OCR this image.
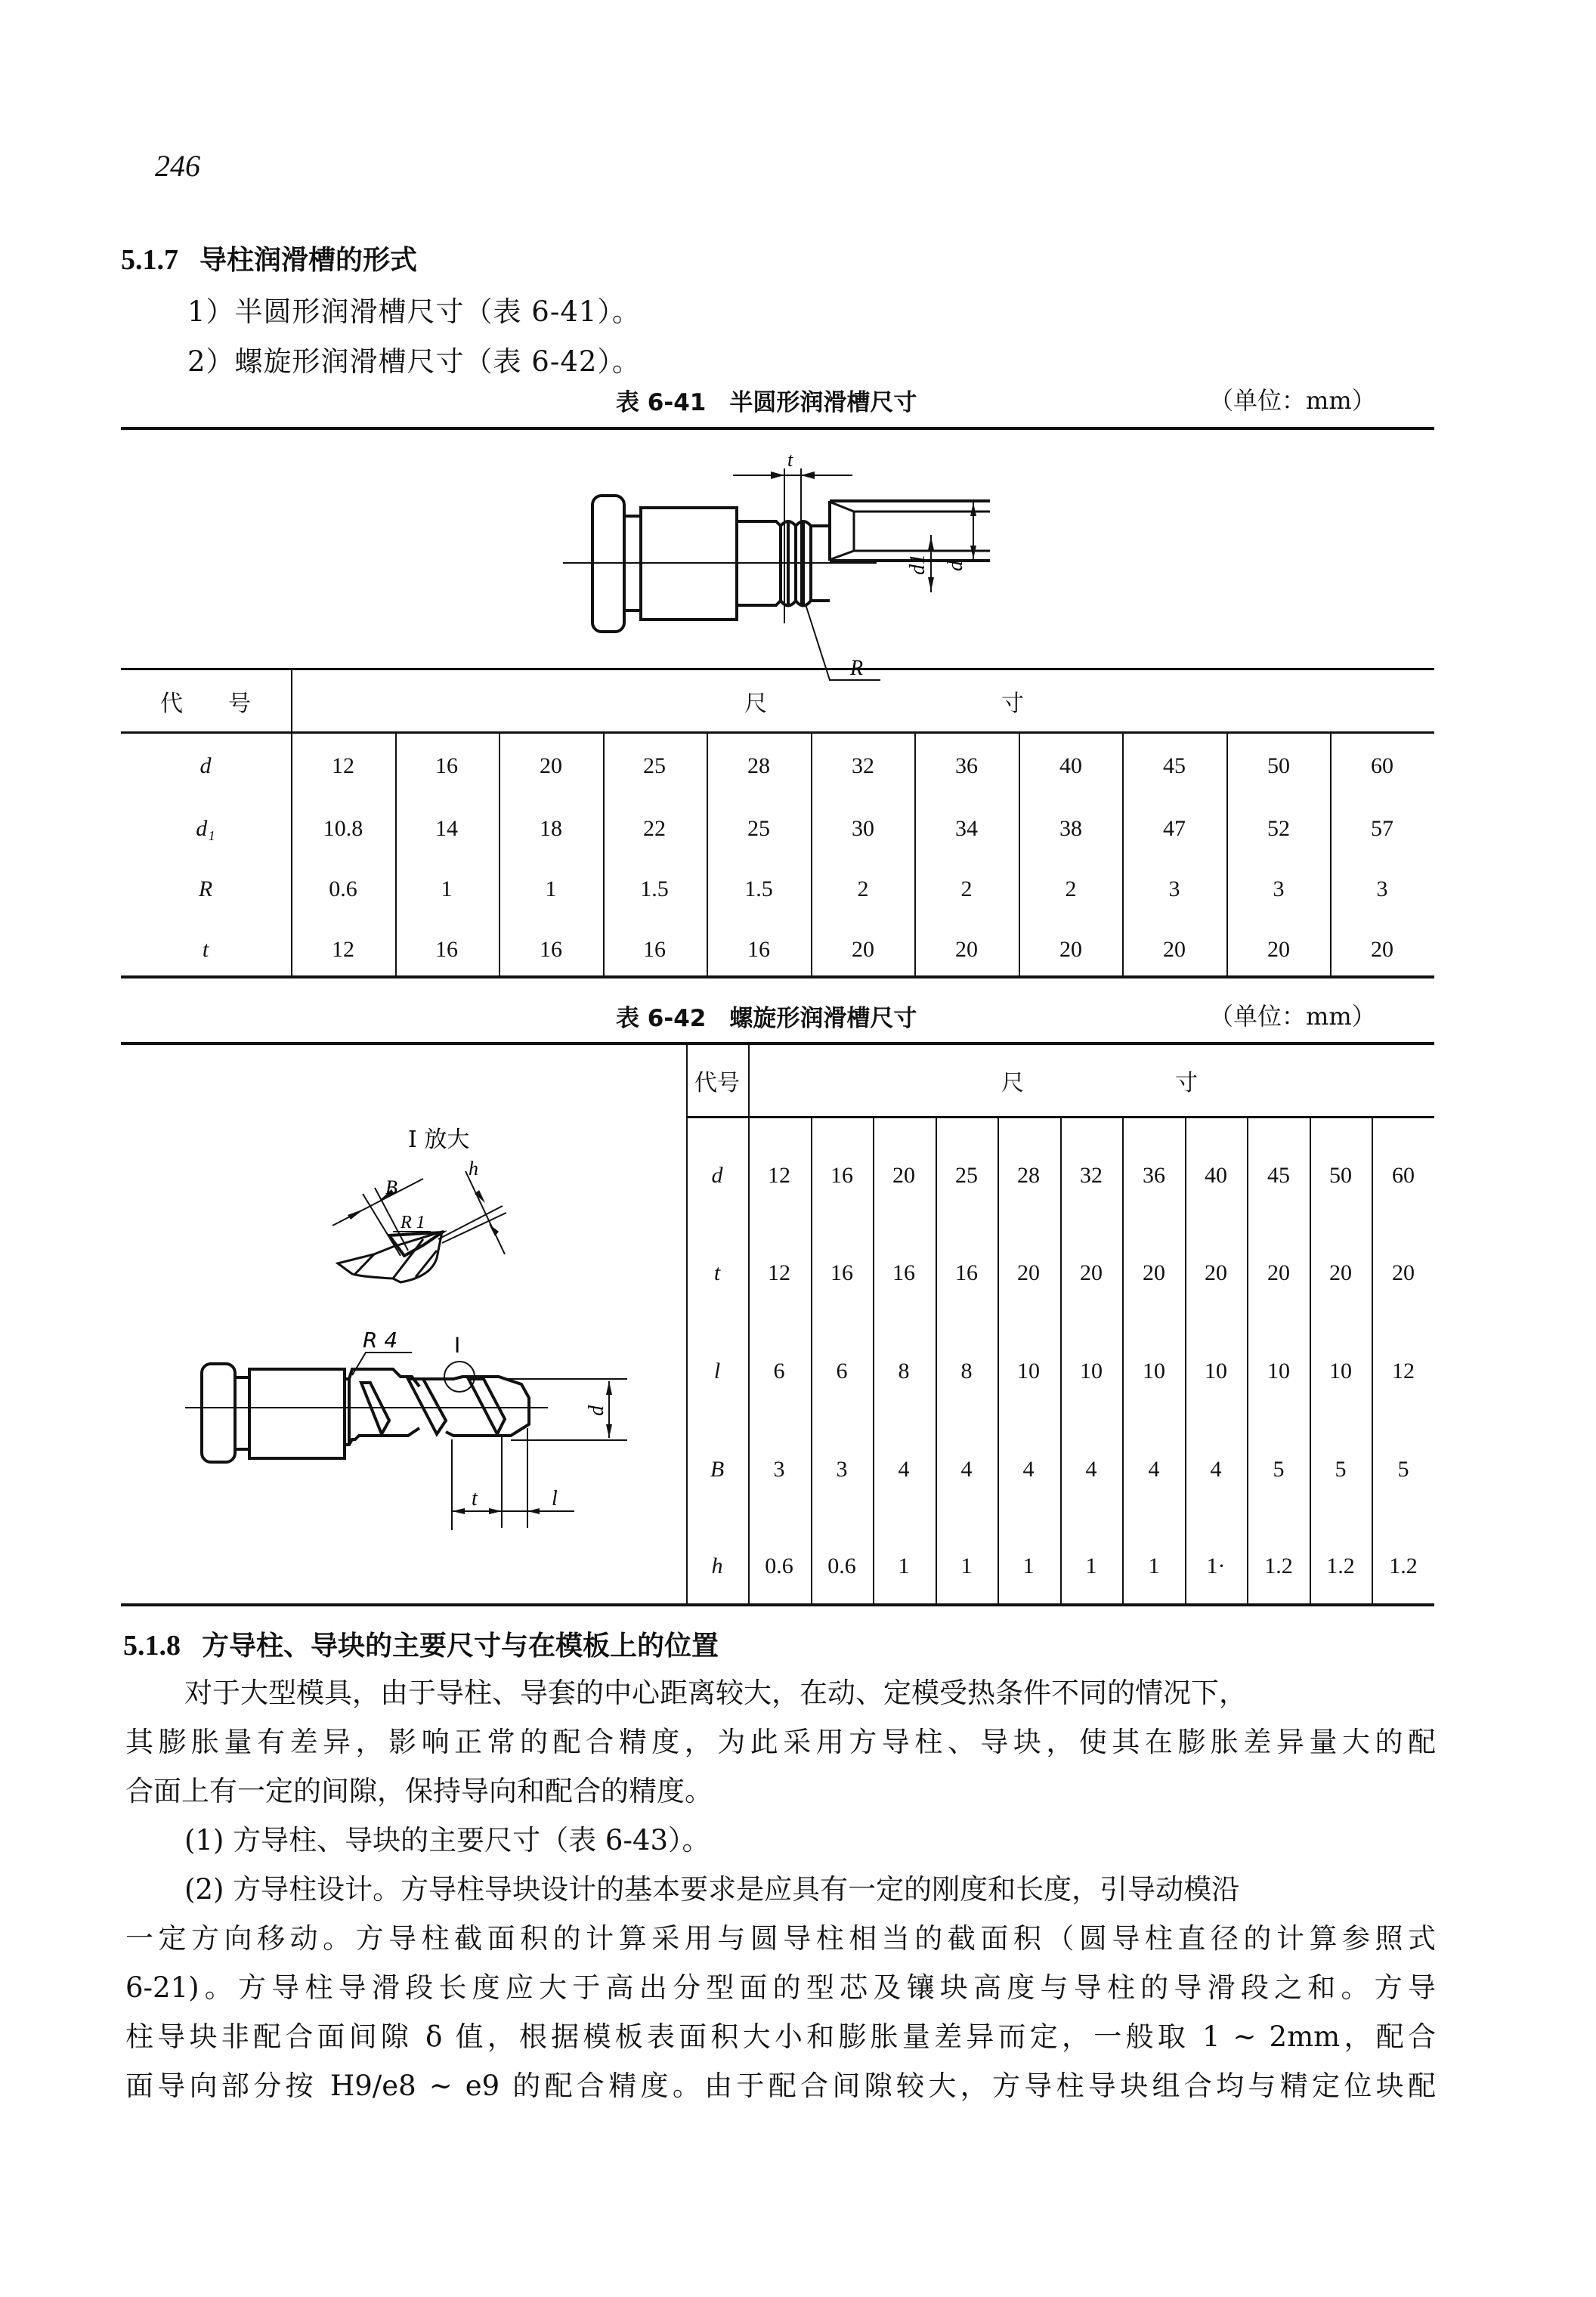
246
5.1.7 导柱润滑槽的形式
1）半圆形润滑槽尺寸（表 6-41）。
2）螺旋形润滑槽尺寸（表 6-42）。
表 6-41　半圆形润滑槽尺寸	（单位：mm）
t
d1 d
代　　号	尺	寸
d	12	16	20	25	28	32	36	40	45	50	60
d₁	10.8	14	18	22	25	30	34	38	47	52	57
R	0.6	1	1	1.5	1.5	2	2	2	3	3	3
t	12	16	16	16	16	20	20	20	20	20	20
表 6-42　螺旋形润滑槽尺寸	（单位：mm）
Ⅰ 放大
B
h
R 1
R 4	Ⅰ
d
t	l
代号	尺	寸
d 12 16 20 25 28 32 36 40 45 50 60
t 12 16 16 16 20 20 20 20 20 20 20
l 6 6 8 8 10 10 10 10 10 10 12
B 3 3 4 4 4 4 4 4 5 5 5
h 0.6 0.6 1 1 1 1 1 1· 1.2 1.2 1.2
5.1.8 方导柱、导块的主要尺寸与在模板上的位置
对于大型模具，由于导柱、导套的中心距离较大，在动、定模受热条件不同的情况下，
其膨胀量有差异，影响正常的配合精度，为此采用方导柱、导块，使其在膨胀差异量大的配
合面上有一定的间隙，保持导向和配合的精度。
(1) 方导柱、导块的主要尺寸（表 6-43）。
(2) 方导柱设计。方导柱导块设计的基本要求是应具有一定的刚度和长度，引导动模沿
一定方向移动。方导柱截面积的计算采用与圆导柱相当的截面积（圆导柱直径的计算参照式
6-21)。方导柱导滑段长度应大于高出分型面的型芯及镶块高度与导柱的导滑段之和。方导
柱导块非配合面间隙 δ 值，根据模板表面积大小和膨胀量差异而定，一般取 1 ~ 2mm，配合
面导向部分按 H9/e8 ~ e9 的配合精度。由于配合间隙较大，方导柱导块组合均与精定位块配
